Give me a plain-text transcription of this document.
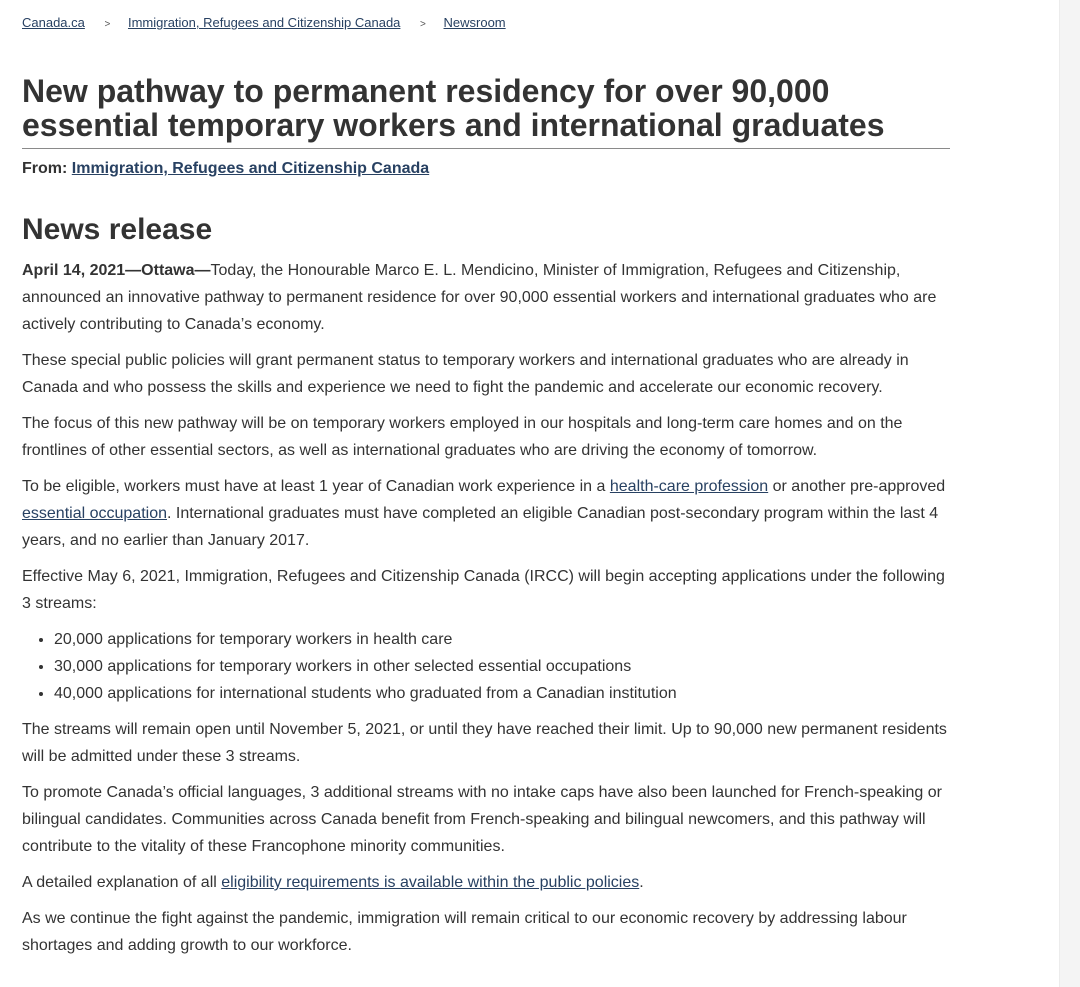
Canada.ca > Immigration, Refugees and Citizenship Canada > Newsroom
New pathway to permanent residency for over 90,000 essential temporary workers and international graduates
From: Immigration, Refugees and Citizenship Canada
News release

April 14, 2021—Ottawa—Today, the Honourable Marco E. L. Mendicino, Minister of Immigration, Refugees and Citizenship, announced an innovative pathway to permanent residence for over 90,000 essential workers and international graduates who are actively contributing to Canada’s economy.

These special public policies will grant permanent status to temporary workers and international graduates who are already in Canada and who possess the skills and experience we need to fight the pandemic and accelerate our economic recovery.

The focus of this new pathway will be on temporary workers employed in our hospitals and long-term care homes and on the frontlines of other essential sectors, as well as international graduates who are driving the economy of tomorrow.

To be eligible, workers must have at least 1 year of Canadian work experience in a health-care profession or another pre-approved essential occupation. International graduates must have completed an eligible Canadian post-secondary program within the last 4 years, and no earlier than January 2017.

Effective May 6, 2021, Immigration, Refugees and Citizenship Canada (IRCC) will begin accepting applications under the following 3 streams:

• 20,000 applications for temporary workers in health care
• 30,000 applications for temporary workers in other selected essential occupations
• 40,000 applications for international students who graduated from a Canadian institution

The streams will remain open until November 5, 2021, or until they have reached their limit. Up to 90,000 new permanent residents will be admitted under these 3 streams.

To promote Canada’s official languages, 3 additional streams with no intake caps have also been launched for French-speaking or bilingual candidates. Communities across Canada benefit from French-speaking and bilingual newcomers, and this pathway will contribute to the vitality of these Francophone minority communities.

A detailed explanation of all eligibility requirements is available within the public policies.

As we continue the fight against the pandemic, immigration will remain critical to our economic recovery by addressing labour shortages and adding growth to our workforce.
